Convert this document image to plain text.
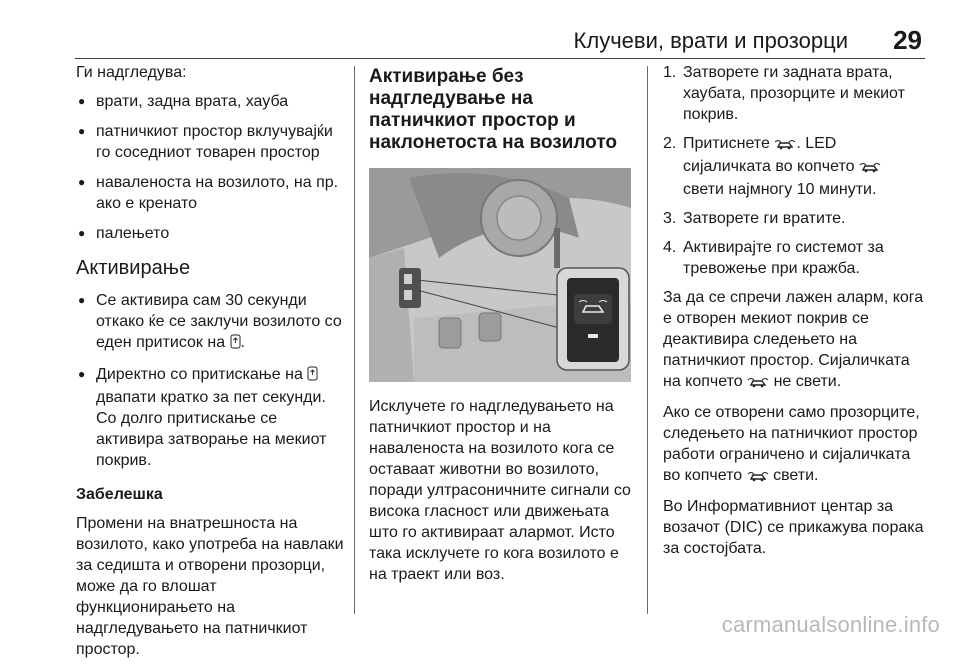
Клучеви, врати и прозорци 29

Ги надгледува:

● врати, задна врата, хауба
● патничкиот простор вклучувајќи го соседниот товарен простор
● наваленоста на возилото, на пр. ако е кренато
● палењето
Активирање
● Се активира сам 30 секунди откако ќе се заклучи возилото со еден притисок на .
● Директно со притискање на  двапати кратко за пет секунди. Со долго притискање се активира затворање на мекиот покрив.

Забелешка

Промени на внатрешноста на возилото, како употреба на навлаки за седишта и отворени прозорци, може да го влошат функционирањето на надгледувањето на патничкиот простор.

Активирање без надгледување на патничкиот простор и наклонетоста на возилото

Исклучете го надгледувањето на патничкиот простор и на наваленоста на возилото кога се оставаат животни во возилото, поради ултрасоничните сигнали со висока гласност или движењата што го активираат алармот. Исто така исклучете го кога возилото е на траект или воз.

1. Затворете ги задната врата, хаубата, прозорците и мекиот покрив.
2. Притиснете . LED сијаличката во копчето  свети најмногу 10 минути.
3. Затворете ги вратите.
4. Активирајте го системот за тревожење при кражба.

За да се спречи лажен аларм, кога е отворен мекиот покрив се деактивира следењето на патничкиот простор. Сијаличката на копчето не свети.

Ако се отворени само прозорците, следењето на патничкиот простор работи ограничено и сијаличката во копчето свети.

Во Информативниот центар за возачот (DIC) се прикажува порака за состојбата.

carmanualsonline.info
